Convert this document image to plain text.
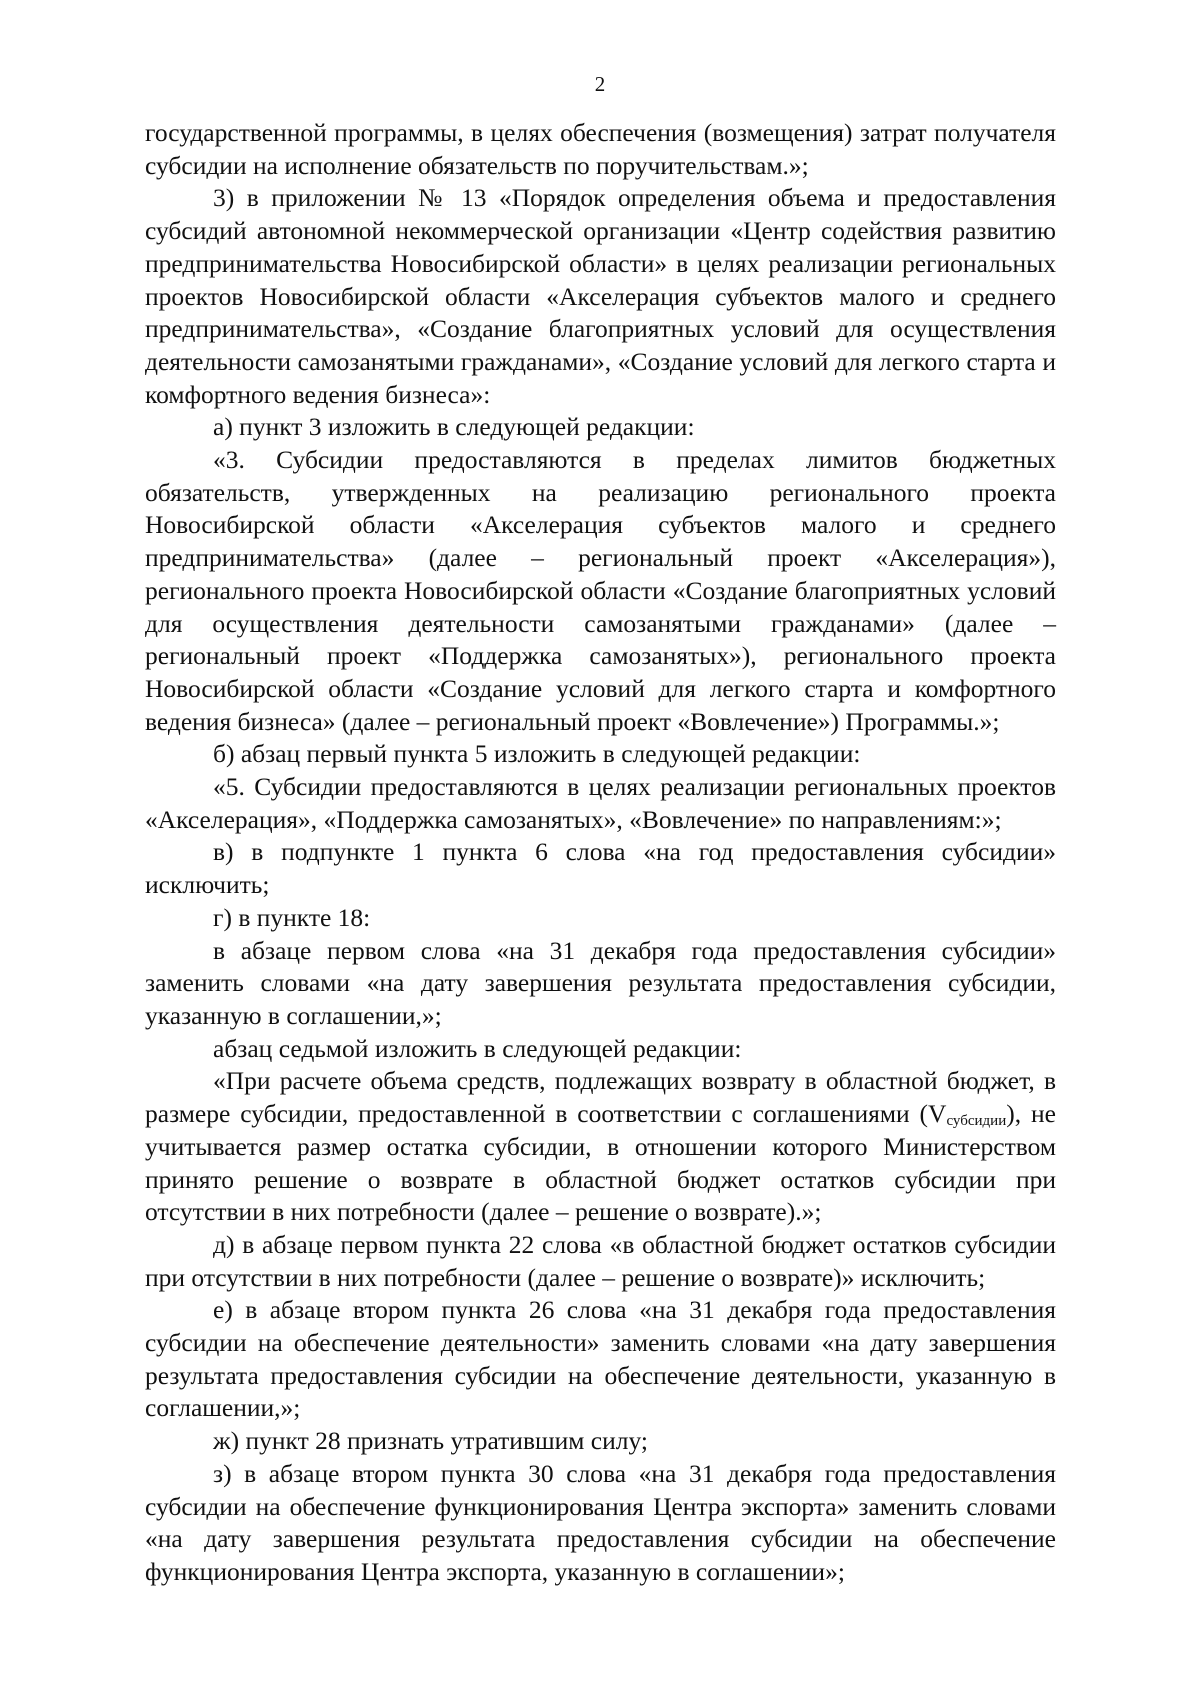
2

государственной программы, в целях обеспечения (возмещения) затрат получателя субсидии на исполнение обязательств по поручительствам.»;

3) в приложении № 13 «Порядок определения объема и предоставления субсидий автономной некоммерческой организации «Центр содействия развитию предпринимательства Новосибирской области» в целях реализации региональных проектов Новосибирской области «Акселерация субъектов малого и среднего предпринимательства», «Создание благоприятных условий для осуществления деятельности самозанятыми гражданами», «Создание условий для легкого старта и комфортного ведения бизнеса»:

а) пункт 3 изложить в следующей редакции:

«3. Субсидии предоставляются в пределах лимитов бюджетных обязательств, утвержденных на реализацию регионального проекта Новосибирской области «Акселерация субъектов малого и среднего предпринимательства» (далее – региональный проект «Акселерация»), регионального проекта Новосибирской области «Создание благоприятных условий для осуществления деятельности самозанятыми гражданами» (далее – региональный проект «Поддержка самозанятых»), регионального проекта Новосибирской области «Создание условий для легкого старта и комфортного ведения бизнеса» (далее – региональный проект «Вовлечение») Программы.»;

б) абзац первый пункта 5 изложить в следующей редакции:

«5. Субсидии предоставляются в целях реализации региональных проектов «Акселерация», «Поддержка самозанятых», «Вовлечение» по направлениям:»;

в) в подпункте 1 пункта 6 слова «на год предоставления субсидии» исключить;

г) в пункте 18:

в абзаце первом слова «на 31 декабря года предоставления субсидии» заменить словами «на дату завершения результата предоставления субсидии, указанную в соглашении,»;

абзац седьмой изложить в следующей редакции:

«При расчете объема средств, подлежащих возврату в областной бюджет, в размере субсидии, предоставленной в соответствии с соглашениями $(V_{субсидии})$, не учитывается размер остатка субсидии, в отношении которого Министерством принято решение о возврате в областной бюджет остатков субсидии при отсутствии в них потребности (далее – решение о возврате).»;

д) в абзаце первом пункта 22 слова «в областной бюджет остатков субсидии при отсутствии в них потребности (далее – решение о возврате)» исключить;

е) в абзаце втором пункта 26 слова «на 31 декабря года предоставления субсидии на обеспечение деятельности» заменить словами «на дату завершения результата предоставления субсидии на обеспечение деятельности, указанную в соглашении,»;

ж) пункт 28 признать утратившим силу;

з) в абзаце втором пункта 30 слова «на 31 декабря года предоставления субсидии на обеспечение функционирования Центра экспорта» заменить словами «на дату завершения результата предоставления субсидии на обеспечение функционирования Центра экспорта, указанную в соглашении»;
